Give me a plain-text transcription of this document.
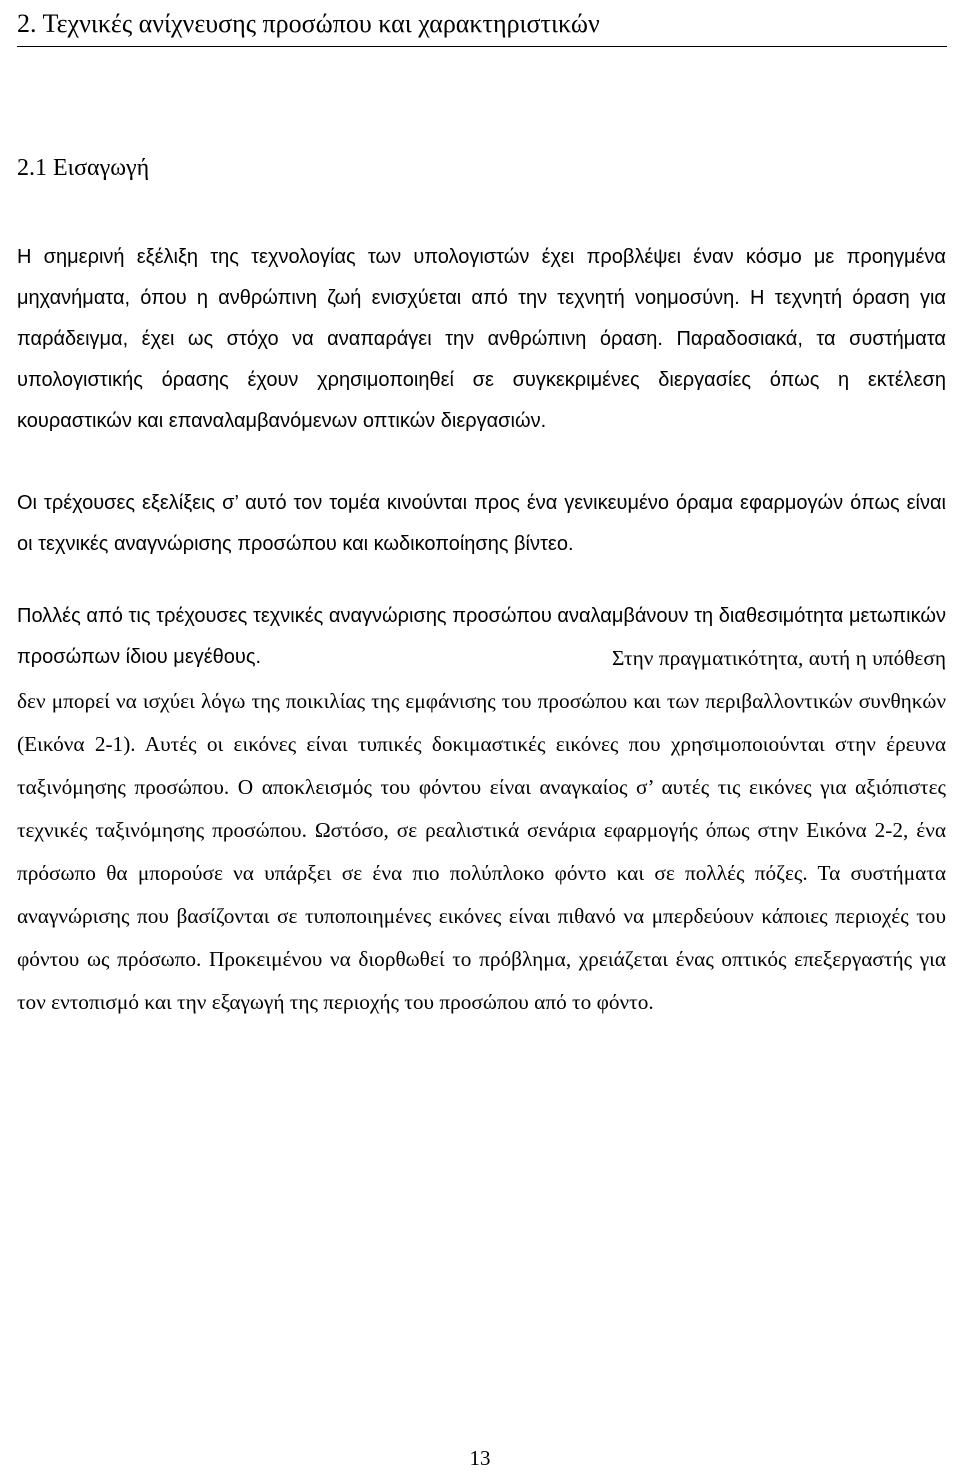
2. Τεχνικές ανίχνευσης προσώπου και χαρακτηριστικών
2.1 Εισαγωγή
Η σημερινή εξέλιξη της τεχνολογίας των υπολογιστών έχει προβλέψει έναν κόσμο με προηγμένα μηχανήματα, όπου η ανθρώπινη ζωή ενισχύεται από την τεχνητή νοημοσύνη. Η τεχνητή όραση για παράδειγμα, έχει ως στόχο να αναπαράγει την ανθρώπινη όραση. Παραδοσιακά, τα συστήματα υπολογιστικής όρασης έχουν χρησιμοποιηθεί σε συγκεκριμένες διεργασίες όπως η εκτέλεση κουραστικών και επαναλαμβανόμενων οπτικών διεργασιών.
Οι τρέχουσες εξελίξεις σ’ αυτό τον τομέα κινούνται προς ένα γενικευμένο όραμα εφαρμογών όπως είναι οι τεχνικές αναγνώρισης προσώπου και κωδικοποίησης βίντεο.
Πολλές από τις τρέχουσες τεχνικές αναγνώρισης προσώπου αναλαμβάνουν τη διαθεσιμότητα μετωπικών προσώπων ίδιου μεγέθους.	Στην πραγματικότητα, αυτή η υπόθεση δεν μπορεί να ισχύει λόγω της ποικιλίας της εμφάνισης του προσώπου και των περιβαλλοντικών συνθηκών (Εικόνα 2-1). Αυτές οι εικόνες είναι τυπικές δοκιμαστικές εικόνες που χρησιμοποιούνται στην έρευνα ταξινόμησης προσώπου. Ο αποκλεισμός του φόντου είναι αναγκαίος σ’ αυτές τις εικόνες για αξιόπιστες τεχνικές ταξινόμησης προσώπου. Ωστόσο, σε ρεαλιστικά σενάρια εφαρμογής όπως στην Εικόνα 2-2, ένα πρόσωπο θα μπορούσε να υπάρξει σε ένα πιο πολύπλοκο φόντο και σε πολλές πόζες. Τα συστήματα αναγνώρισης που βασίζονται σε τυποποιημένες εικόνες είναι πιθανό να μπερδεύουν κάποιες περιοχές του φόντου ως πρόσωπο. Προκειμένου να διορθωθεί το πρόβλημα, χρειάζεται ένας οπτικός επεξεργαστής για τον εντοπισμό και την εξαγωγή της περιοχής του προσώπου από το φόντο.
13
